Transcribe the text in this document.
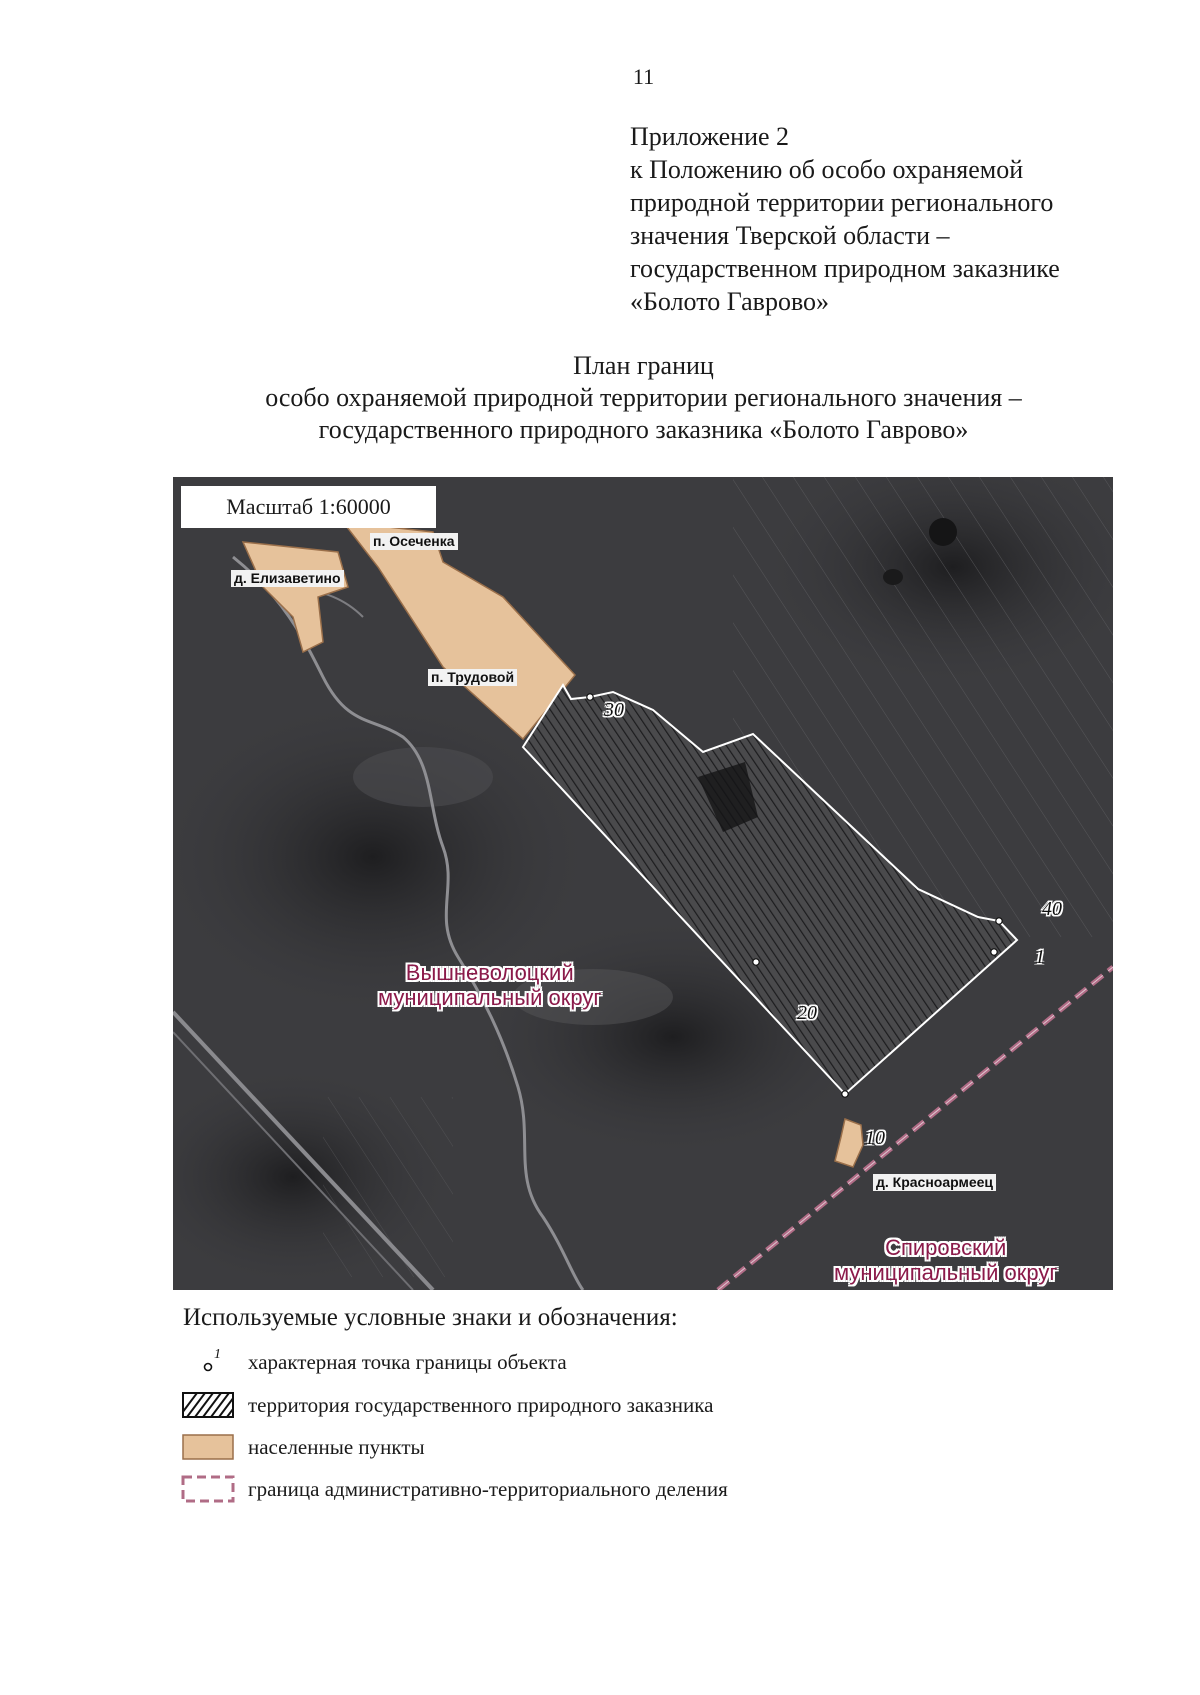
11
Приложение 2
к Положению об особо охраняемой
природной территории регионального
значения Тверской области –
государственном природном заказнике
«Болото Гаврово»
План границ
особо охраняемой природной территории регионального значения –
государственного природного заказника «Болото Гаврово»
Масштаб 1:60000
п. Осеченка
д. Елизаветино
п. Трудовой
д. Красноармеец
Вышневолоцкий
муниципальный округ
Спировский
муниципальный округ
30
40
1
20
10
Используемые условные знаки и обозначения:
1 характерная точка границы объекта
территория государственного природного заказника
населенные пункты
граница административно-территориального деления
